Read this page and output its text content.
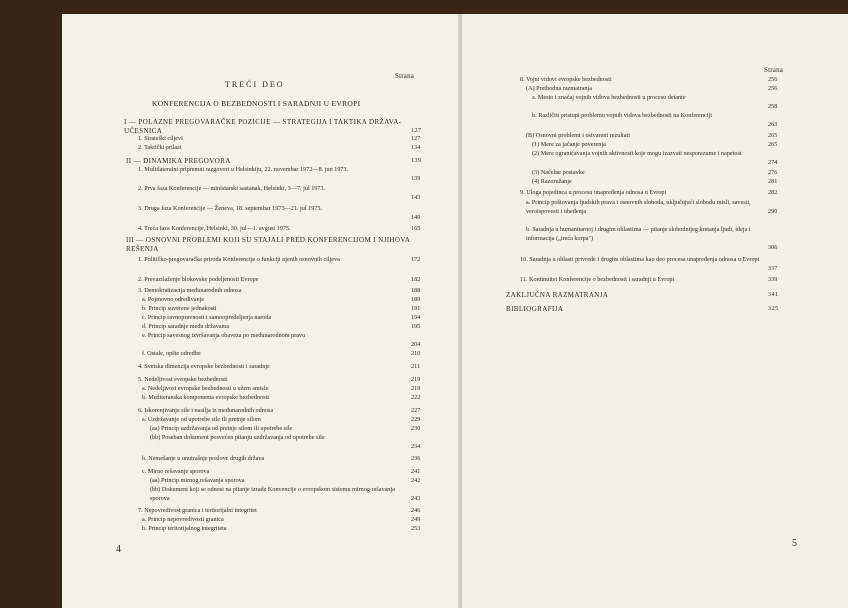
Strana
TREĆI DEO
KONFERENCIJA O BEZBEDNOSTI I SARADNJI U EVROPI
I — POLAZNE PREGOVARAČKE POZICIJE — STRATEGIJA I TAKTIKA DRŽAVA-UČESNICA	127
1. Strateški ciljevi	127
2. Taktički prilazi	134
II — DINAMIKA PREGOVORA	139
1. Multilateralni pripremni razgovori u Helsinkiju, 22. novembar 1972—8. jun 1973.
139
2. Prva faza Konferencije — ministarski sastanak, Helsinki, 3—7. jul 1973.
143
3. Druga faza Konferencije — Ženeva, 18. septembar 1973—21. jul 1975.
149
4. Treća faza Konferencije, Helsinki, 30. jul—1. avgust 1975.	165
III — OSNOVNI PROBLEMI KOJI SU STAJALI PRED KONFERENCIJOM I NJIHOVA REŠENJA
1. Političko-pregovaračka priroda Konferencije o funkciji njenih osnovnih ciljeva	172
2. Prevazilaženje blokovske podeljenosti Evrope	182
3. Demokratizacija međunarodnih odnosa	188
a. Pojmovno određivanje	189
b. Princip suverene jednakosti	191
c. Princip ravnopravnosti i samoopredeljenja naroda	194
d. Princip saradnje među državama	195
e. Princip savesnog izvršavanja obaveza po međunarodnom pravu
204
f. Ostale, opšte odredbe	210
4. Svetska dimenzija evropske bezbednosti i saradnje	211
5. Nedeljivost evropske bezbednosti	219
a. Nedeljivost evropske bezbednosti u užem smislu	219
b. Mediteranska komponenta evropske bezbednosti	222
6. Iskorenjivanje sile i nasilja iz međunarodnih odnosa	227
a. Uzdržavanje od upotrebe sile ili pretnje silom	229
(aa) Princip uzdržavanja od pretnje silom ili upotrebe sile	230
(bb) Poseban dokument posvećen pitanju uzdržavanja od upotrebe sile
234
b. Nemešanje u unutrašnje poslove drugih država	236
c. Mirno rešavanje sporova	241
(aa) Princip mirnog rešavanja sporova	242
(bb) Dokument koji se odnosi na pitanje izrade Konvencije o evropskom sistemu mirnog rešavanja sporova	243
7. Nepovredivost granica i teritorijalni integritet	246
a. Princip nepovredivosti granica	249
b. Princip teritorijalnog integriteta	253
4
Strana
8. Vojni vidovi evropske bezbednosti	256
(A) Prethodna razmatranja	256
a. Mesto i značaj vojnih vidova bezbednosti u procesu detante
258
b. Različiti pristupi problemu vojnih vidova bezbednosti na Konferenciji
263
(B) Osnovni problemi i ostvareni rezultati	265
(1) Mere za jačanje poverenja	265
(2) Mere ograničavanja vojnih aktivnosti koje mogu izazvati nesporazume i napetost
274
(3) Načelne postavke	276
(4) Razoružanje	281
9. Uloga pojedinca u procesu unapređenja odnosa u Evropi	282
a. Princip poštovanja ljudskih prava i osnovnih sloboda, uključujući slobodu misli, savesti, veroispovesti i ubeđenja	290
b. Saradnja u humanitarnoj i drugim oblastima — pitanje slobodnijeg kretanja ljudi, ideja i informacija („treća korpa")
306
10. Saradnja u oblasti privrede i drugim oblastima kao deo procesa unapređenja odnosa u Evropi
337
11. Kontinuitet Konferencije o bezbednosti i saradnji u Evropi	339
ZAKLJUČNA RAZMATRANJA	341
BIBLIOGRAFIJA	325
5
